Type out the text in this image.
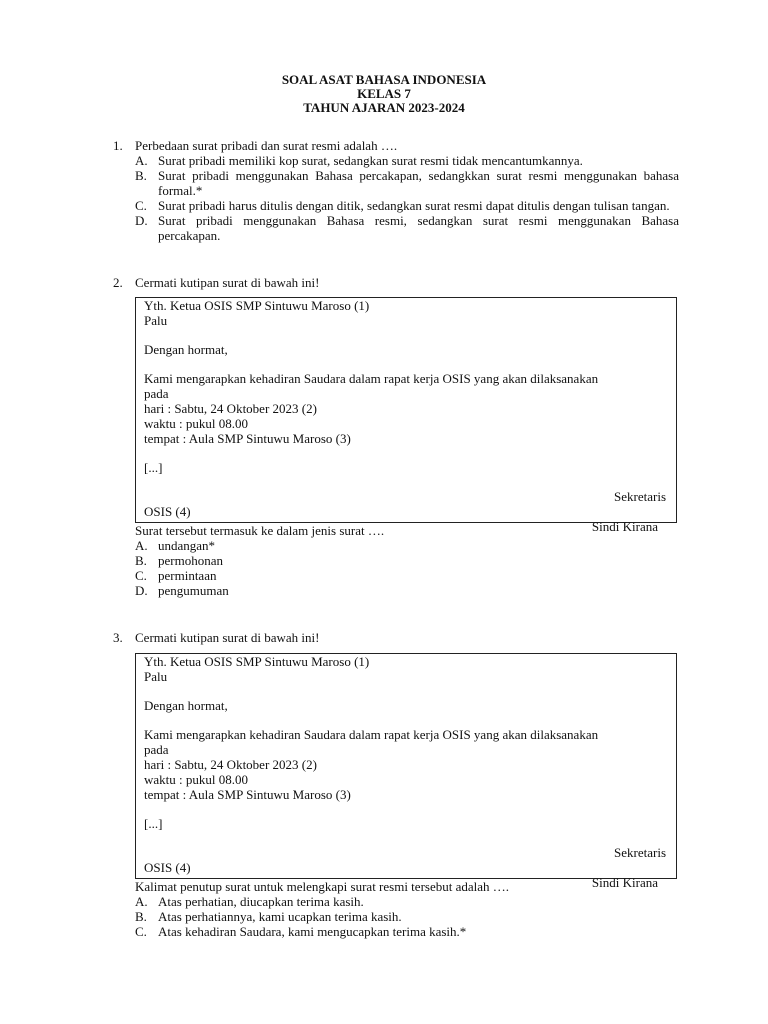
SOAL ASAT BAHASA INDONESIA
KELAS 7
TAHUN AJARAN 2023-2024
1. Perbedaan surat pribadi dan surat resmi adalah ….
A. Surat pribadi memiliki kop surat, sedangkan surat resmi tidak mencantumkannya.
B. Surat pribadi menggunakan Bahasa percakapan, sedangkkan surat resmi menggunakan bahasa formal.*
C. Surat pribadi harus ditulis dengan ditik, sedangkan surat resmi dapat ditulis dengan tulisan tangan.
D. Surat pribadi menggunakan Bahasa resmi, sedangkan surat resmi menggunakan Bahasa percakapan.
2. Cermati kutipan surat di bawah ini!
Yth. Ketua OSIS SMP Sintuwu Maroso (1)
Palu
Dengan hormat,
Kami mengarapkan kehadiran Saudara dalam rapat kerja OSIS yang akan dilaksanakan
pada
hari : Sabtu, 24 Oktober 2023 (2)
waktu : pukul 08.00
tempat : Aula SMP Sintuwu Maroso (3)
[...]
Sekretaris
OSIS (4)
Sindi Kirana
Surat tersebut termasuk ke dalam jenis surat ….
A. undangan*
B. permohonan
C. permintaan
D. pengumuman
3. Cermati kutipan surat di bawah ini!
Yth. Ketua OSIS SMP Sintuwu Maroso (1)
Palu
Dengan hormat,
Kami mengarapkan kehadiran Saudara dalam rapat kerja OSIS yang akan dilaksanakan
pada
hari : Sabtu, 24 Oktober 2023 (2)
waktu : pukul 08.00
tempat : Aula SMP Sintuwu Maroso (3)
[...]
Sekretaris
OSIS (4)
Sindi Kirana
Kalimat penutup surat untuk melengkapi surat resmi tersebut adalah ….
A. Atas perhatian, diucapkan terima kasih.
B. Atas perhatiannya, kami ucapkan terima kasih.
C. Atas kehadiran Saudara, kami mengucapkan terima kasih.*
